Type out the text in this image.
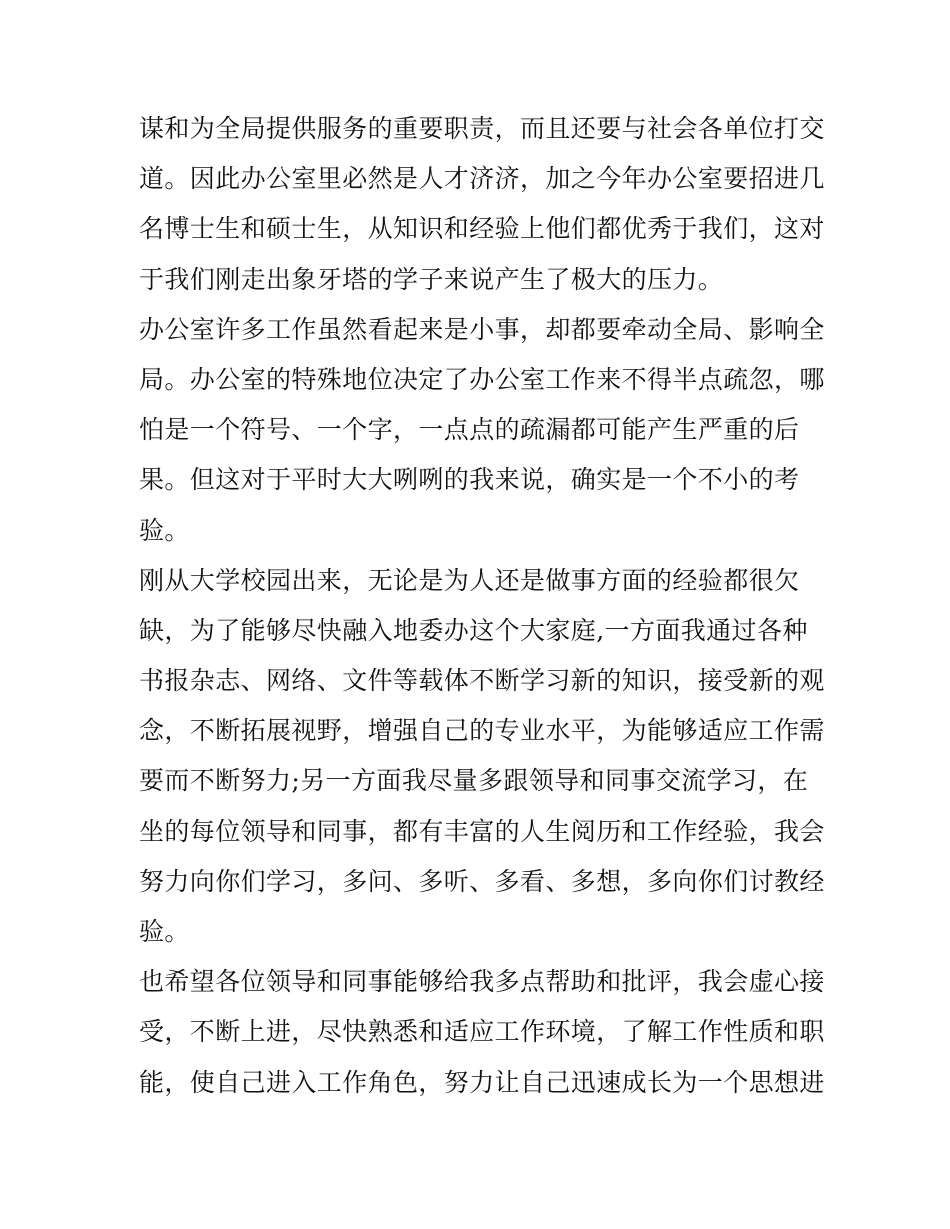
谋和为全局提供服务的重要职责，而且还要与社会各单位打交
道。因此办公室里必然是人才济济，加之今年办公室要招进几
名博士生和硕士生，从知识和经验上他们都优秀于我们，这对
于我们刚走出象牙塔的学子来说产生了极大的压力。
办公室许多工作虽然看起来是小事，却都要牵动全局、影响全
局。办公室的特殊地位决定了办公室工作来不得半点疏忽，哪
怕是一个符号、一个字，一点点的疏漏都可能产生严重的后
果。但这对于平时大大咧咧的我来说，确实是一个不小的考
验。
刚从大学校园出来，无论是为人还是做事方面的经验都很欠
缺，为了能够尽快融入地委办这个大家庭,一方面我通过各种
书报杂志、网络、文件等载体不断学习新的知识，接受新的观
念，不断拓展视野，增强自己的专业水平，为能够适应工作需
要而不断努力;另一方面我尽量多跟领导和同事交流学习，在
坐的每位领导和同事，都有丰富的人生阅历和工作经验，我会
努力向你们学习，多问、多听、多看、多想，多向你们讨教经
验。
也希望各位领导和同事能够给我多点帮助和批评，我会虚心接
受，不断上进，尽快熟悉和适应工作环境，了解工作性质和职
能，使自己进入工作角色，努力让自己迅速成长为一个思想进
